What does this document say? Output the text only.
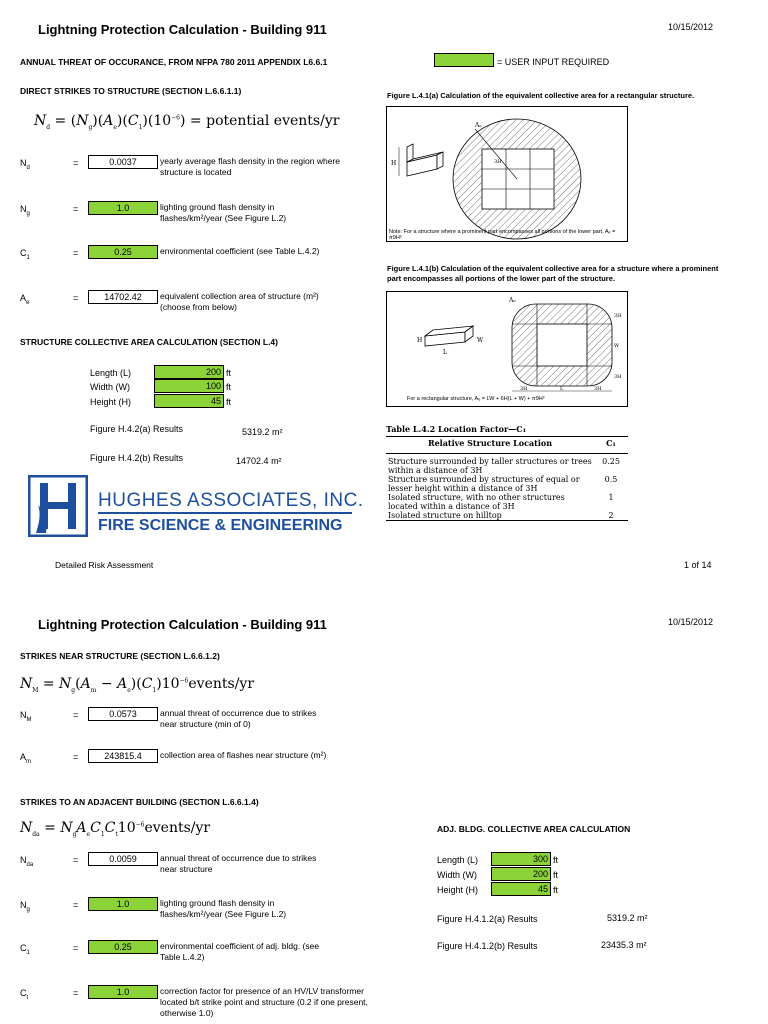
Lightning Protection Calculation - Building 911	10/15/2012
ANNUAL THREAT OF OCCURANCE, FROM NFPA 780 2011 APPENDIX L6.6.1	= USER INPUT REQUIRED
DIRECT STRIKES TO STRUCTURE (SECTION L.6.6.1.1)
$N_d = (N_g)(A_e)(C_1)(10^{-6})$ = potential events/yr
$N_d$	=	0.0037	yearly average flash density in the region where structure is located
$N_g$	=	1.0	lighting ground flash density in flashes/km²/year (See Figure L.2)
$C_1$	=	0.25	environmental coefficient (see Table L.4.2)
$A_e$	=	14702.42	equivalent collection area of structure (m²) (choose from below)
STRUCTURE COLLECTIVE AREA CALCULATION (SECTION L.4)
Length (L)	200 ft
Width (W)	100 ft
Height (H)	45 ft
Figure H.4.2(a) Results	5319.2 m²
Figure H.4.2(b) Results	14702.4 m²
Figure L.4.1(a) Calculation of the equivalent collective area for a rectangular structure.
H
Aₑ
3H
Note: For a structure where a prominent part encompasses all portions of the lower part, Aₑ = π9H²
Figure L.4.1(b) Calculation of the equivalent collective area for a structure where a prominent part encompasses all portions of the lower part of the structure.
H	W
L
3H	L	3H
3H
W
3H
Aₑ
For a rectangular structure, Aₑ = LW + 6H(L + W) + π9H²
Table L.4.2 Location Factor—C₁
Relative Structure Location	C₁
Structure surrounded by taller structures or trees within a distance of 3H	0.25
Structure surrounded by structures of equal or lesser height within a distance of 3H	0.5
Isolated structure, with no other structures located within a distance of 3H	1
Isolated structure on hilltop	2
HUGHES ASSOCIATES, INC.
FIRE SCIENCE & ENGINEERING
Detailed Risk Assessment	1 of 14
Lightning Protection Calculation - Building 911	10/15/2012
STRIKES NEAR STRUCTURE (SECTION L.6.6.1.2)
$N_M = N_g(A_m$ − $A_e)(C_1)10^{-6}events/yr$
$N_M$	=	0.0573	annual threat of occurrence due to strikes near structure (min of 0)
$A_m$	=	243815.4	collection area of flashes near structure (m²)
STRIKES TO AN ADJACENT BUILDING (SECTION L.6.6.1.4)
$N_{da}$ = $N_gA_eC_1C_t10^{-6}events/yr$
$N_{da}$	=	0.0059	annual threat of occurrence due to strikes near structure
$N_g$	=	1.0	lighting ground flash density in flashes/km²/year (See Figure L.2)
$C_1$	=	0.25	environmental coefficient of adj. bldg. (see Table L.4.2)
$C_t$	=	1.0	correction factor for presence of an HV/LV transformer located b/t strike point and structure (0.2 if one present, otherwise 1.0)
ADJ. BLDG. COLLECTIVE AREA CALCULATION
Length (L)	300 ft
Width (W)	200 ft
Height (H)	45 ft
Figure H.4.1.2(a) Results	5319.2 m²
Figure H.4.1.2(b) Results	23435.3 m²
